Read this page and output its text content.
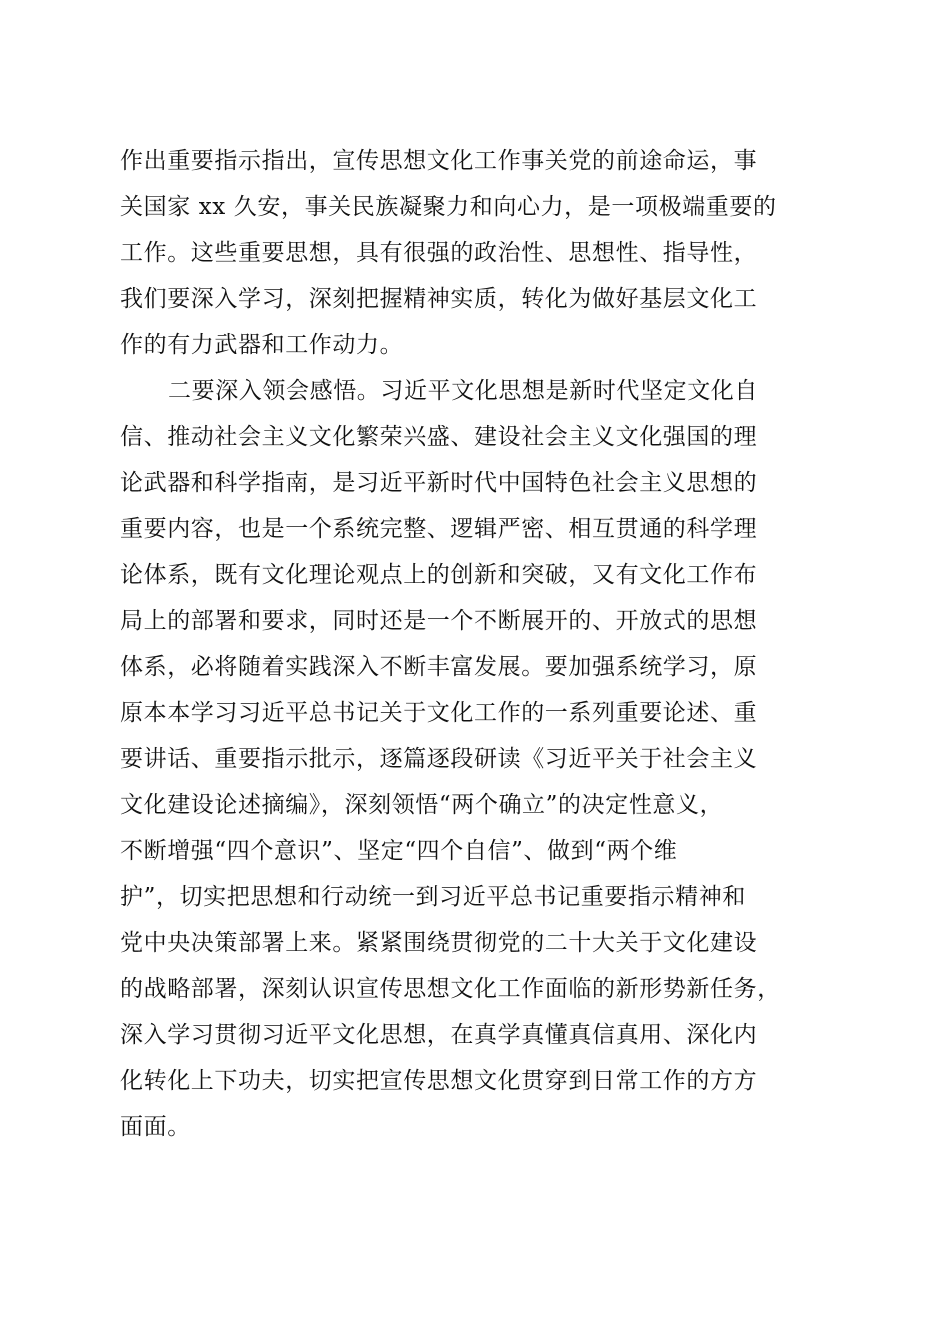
作出重要指示指出，宣传思想文化工作事关党的前途命运，事
关国家 xx 久安，事关民族凝聚力和向心力，是一项极端重要的
工作。这些重要思想，具有很强的政治性、思想性、指导性，
我们要深入学习，深刻把握精神实质，转化为做好基层文化工
作的有力武器和工作动力。
二要深入领会感悟。习近平文化思想是新时代坚定文化自
信、推动社会主义文化繁荣兴盛、建设社会主义文化强国的理
论武器和科学指南，是习近平新时代中国特色社会主义思想的
重要内容，也是一个系统完整、逻辑严密、相互贯通的科学理
论体系，既有文化理论观点上的创新和突破，又有文化工作布
局上的部署和要求，同时还是一个不断展开的、开放式的思想
体系，必将随着实践深入不断丰富发展。要加强系统学习，原
原本本学习习近平总书记关于文化工作的一系列重要论述、重
要讲话、重要指示批示，逐篇逐段研读《习近平关于社会主义
文化建设论述摘编》，深刻领悟“两个确立”的决定性意义，
不断增强“四个意识”、坚定“四个自信”、做到“两个维
护”，切实把思想和行动统一到习近平总书记重要指示精神和
党中央决策部署上来。紧紧围绕贯彻党的二十大关于文化建设
的战略部署，深刻认识宣传思想文化工作面临的新形势新任务，
深入学习贯彻习近平文化思想，在真学真懂真信真用、深化内
化转化上下功夫，切实把宣传思想文化贯穿到日常工作的方方
面面。
